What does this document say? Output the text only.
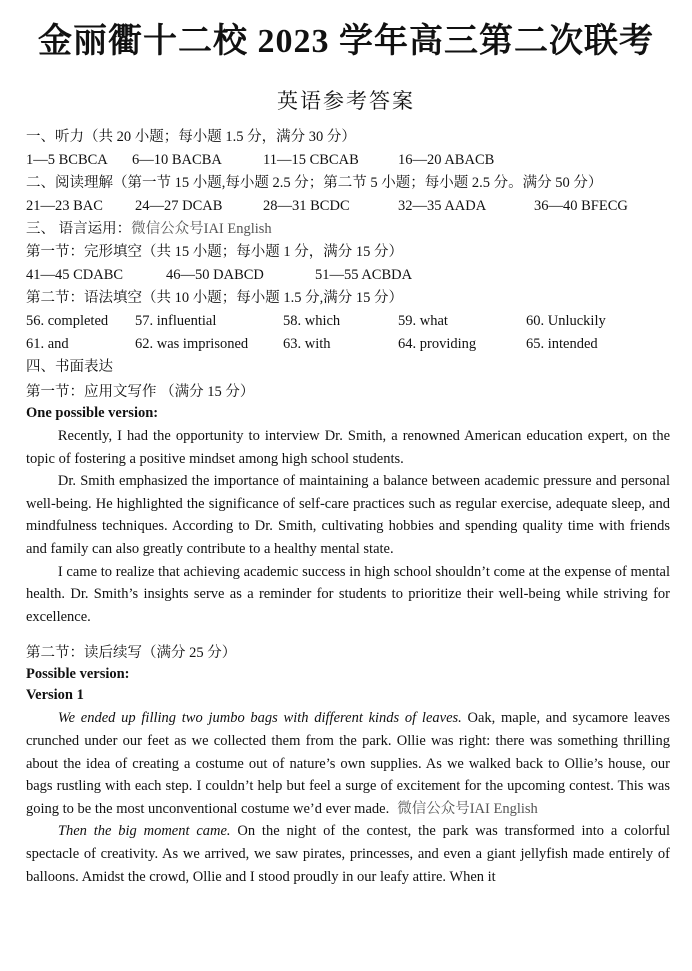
金丽衢十二校 2023 学年高三第二次联考
英语参考答案
一、听力（共 20 小题；每小题 1.5 分，满分 30 分）
1—5 BCBCA 6—10 BACBA	11—15 CBCAB	16—20 ABACB
二、阅读理解（第一节 15 小题,每小题 2.5 分；第二节 5 小题；每小题 2.5 分。满分 50 分）
21—23 BAC 24—27 DCAB	28—31 BCDC	32—35 AADA	36—40 BFECG
三、 语言运用：微信公众号IAI English
第一节：完形填空（共 15 小题；每小题 1 分，满分 15 分）
41—45 CDABC	46—50 DABCD	51—55 ACBDA
第二节：语法填空（共 10 小题；每小题 1.5 分,满分 15 分）
56. completed 57. influential	58. which	59. what	60. Unluckily
61. and	62. was imprisoned 63. with	64. providing	65. intended
四、书面表达
第一节：应用文写作 （满分 15 分）
One possible version:

Recently, I had the opportunity to interview Dr. Smith, a renowned American education expert, on the topic of fostering a positive mindset among high school students.

Dr. Smith emphasized the importance of maintaining a balance between academic pressure and personal well-being. He highlighted the significance of self-care practices such as regular exercise, adequate sleep, and mindfulness techniques. According to Dr. Smith, cultivating hobbies and spending quality time with friends and family can also greatly contribute to a healthy mental state.

I came to realize that achieving academic success in high school shouldn’t come at the expense of mental health. Dr. Smith’s insights serve as a reminder for students to prioritize their well-being while striving for excellence.

第二节：读后续写（满分 25 分）
Possible version:
Version 1

We ended up filling two jumbo bags with different kinds of leaves. Oak, maple, and sycamore leaves crunched under our feet as we collected them from the park. Ollie was right: there was something thrilling about the idea of creating a costume out of nature’s own supplies. As we walked back to Ollie’s house, our bags rustling with each step. I couldn’t help but feel a surge of excitement for the upcoming contest. This was going to be the most unconventional costume we’d ever made. 微信公众号IAI English

Then the big moment came. On the night of the contest, the park was transformed into a colorful spectacle of creativity. As we arrived, we saw pirates, princesses, and even a giant jellyfish made entirely of balloons. Amidst the crowd, Ollie and I stood proudly in our leafy attire. When it
